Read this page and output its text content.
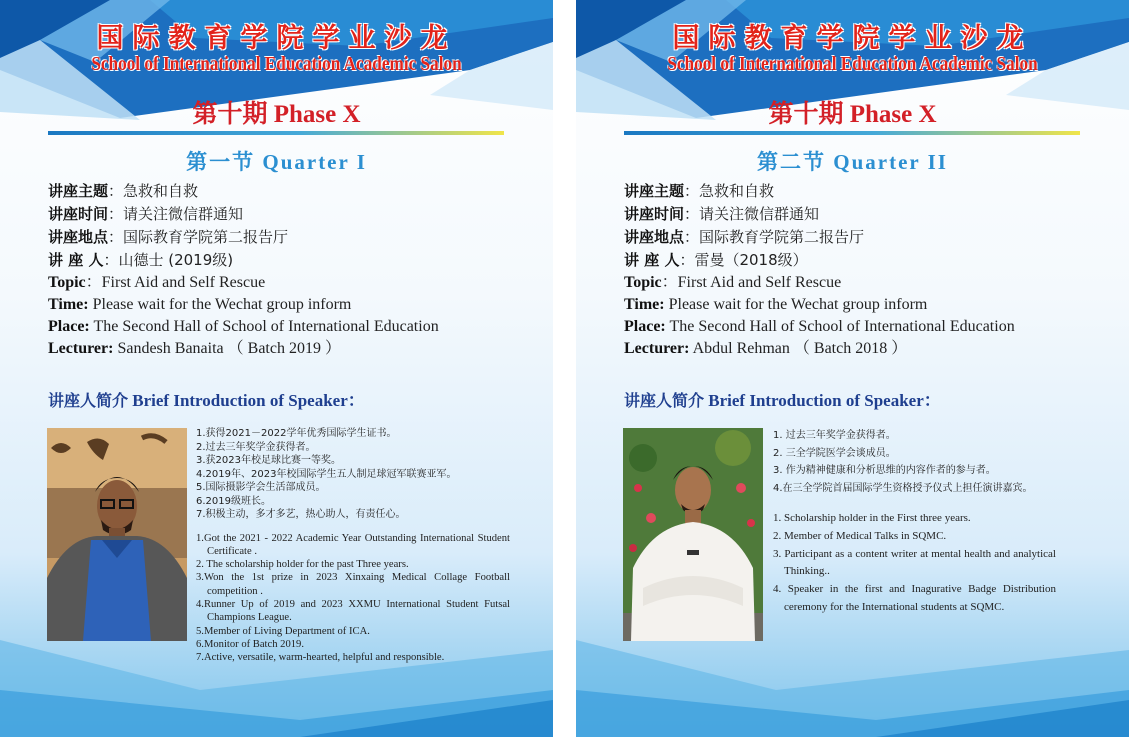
国际教育学院学业沙龙
School of International Education Academic Salon
第十期 Phase X
第一节 Quarter I
讲座主题：急救和自救
讲座时间：请关注微信群通知
讲座地点：国际教育学院第二报告厅
讲 座 人：山德士 (2019级)
Topic：First Aid and Self Rescue
Time: Please wait for the Wechat group inform
Place: The Second Hall of School of International Education
Lecturer: Sandesh Banaita （ Batch 2019 ）
讲座人简介 Brief Introduction of Speaker：
1.获得2021－2022学年优秀国际学生证书。
2.过去三年奖学金获得者。
3.获2023年校足球比赛一等奖。
4.2019年、2023年校国际学生五人制足球冠军联赛亚军。
5.国际摄影学会生活部成员。
6.2019级班长。
7.积极主动，多才多艺，热心助人，有责任心。
1.Got the 2021 - 2022 Academic Year Outstanding International Student Certificate .
2. The scholarship holder for the past Three years.
3.Won the 1st prize in 2023 Xinxaing Medical Collage Football competition .
4.Runner Up of 2019 and 2023 XXMU International Student Futsal Champions League.
5.Member of Living Department of ICA.
6.Monitor of Batch 2019.
7.Active, versatile, warm-hearted, helpful and responsible.
国际教育学院学业沙龙
School of International Education Academic Salon
第十期 Phase X
第二节 Quarter II
讲座主题：急救和自救
讲座时间：请关注微信群通知
讲座地点：国际教育学院第二报告厅
讲 座 人：雷曼（2018级）
Topic：First Aid and Self Rescue
Time: Please wait for the Wechat group inform
Place: The Second Hall of School of International Education
Lecturer: Abdul Rehman （ Batch 2018 ）
讲座人简介 Brief Introduction of Speaker：
1. 过去三年奖学金获得者。
2. 三全学院医学会谈成员。
3. 作为精神健康和分析思维的内容作者的参与者。
4.在三全学院首届国际学生资格授予仪式上担任演讲嘉宾。
1. Scholarship holder in the First three years.
2. Member of Medical Talks in SQMC.
3. Participant as a content writer at mental health and analytical Thinking..
4. Speaker in the first and Inagurative Badge Distribution ceremony for the International students at SQMC.
